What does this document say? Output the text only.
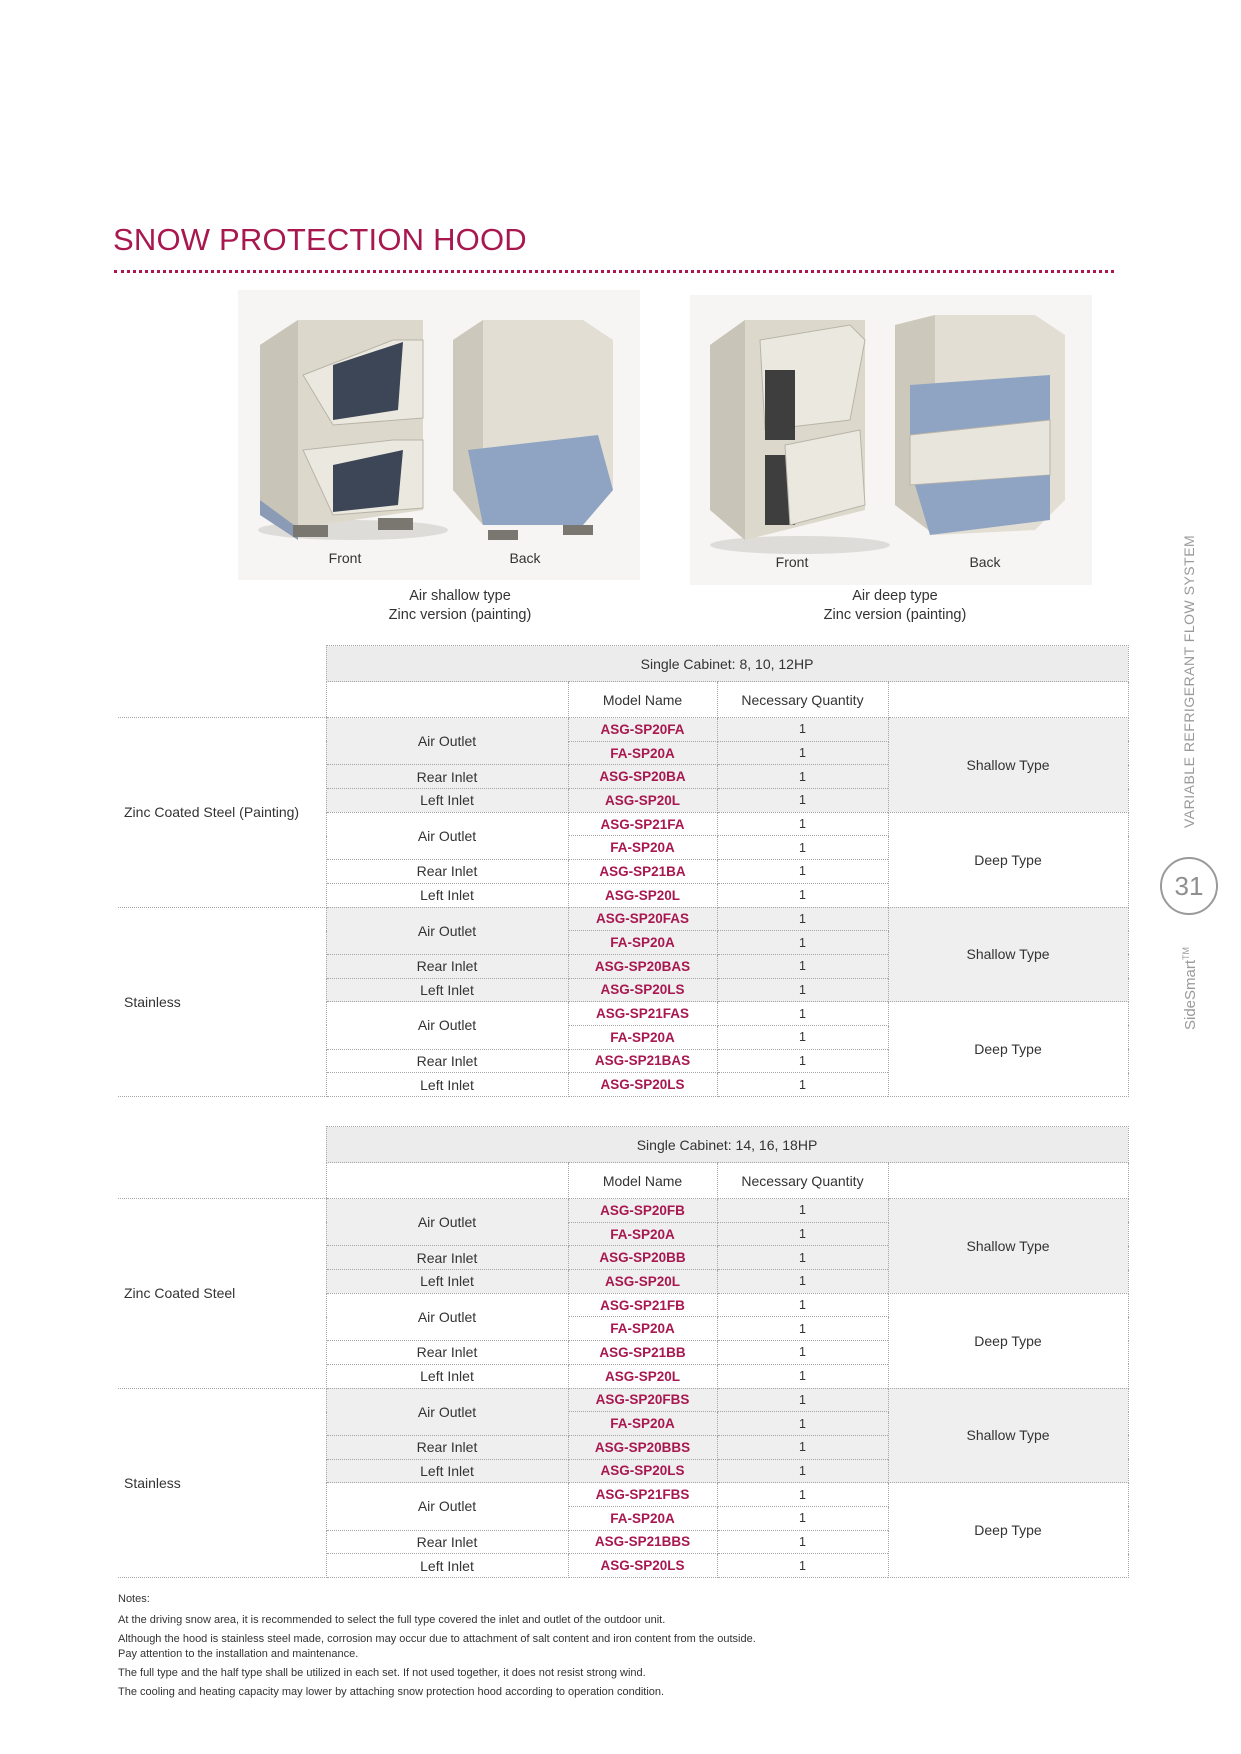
SNOW PROTECTION HOOD
Front	Back
Air shallow type
Zinc version (painting)
Front	Back
Air deep type
Zinc version (painting)
	Single Cabinet: 8, 10, 12HP			
		Model Name	Necessary Quantity	
Zinc Coated Steel (Painting)	Air Outlet	ASG-SP20FA	1	Shallow Type
		FA-SP20A	1	
	Rear Inlet	ASG-SP20BA	1	
	Left Inlet	ASG-SP20L	1	
	Air Outlet	ASG-SP21FA	1	Deep Type
		FA-SP20A	1	
	Rear Inlet	ASG-SP21BA	1	
	Left Inlet	ASG-SP20L	1	
Stainless	Air Outlet	ASG-SP20FAS	1	Shallow Type
		FA-SP20A	1	
	Rear Inlet	ASG-SP20BAS	1	
	Left Inlet	ASG-SP20LS	1	
	Air Outlet	ASG-SP21FAS	1	Deep Type
		FA-SP20A	1	
	Rear Inlet	ASG-SP21BAS	1	
	Left Inlet	ASG-SP20LS	1	
	Single Cabinet: 14, 16, 18HP			
		Model Name	Necessary Quantity	
Zinc Coated Steel	Air Outlet	ASG-SP20FB	1	Shallow Type
		FA-SP20A	1	
	Rear Inlet	ASG-SP20BB	1	
	Left Inlet	ASG-SP20L	1	
	Air Outlet	ASG-SP21FB	1	Deep Type
		FA-SP20A	1	
	Rear Inlet	ASG-SP21BB	1	
	Left Inlet	ASG-SP20L	1	
Stainless	Air Outlet	ASG-SP20FBS	1	Shallow Type
		FA-SP20A	1	
	Rear Inlet	ASG-SP20BBS	1	
	Left Inlet	ASG-SP20LS	1	
	Air Outlet	ASG-SP21FBS	1	Deep Type
		FA-SP20A	1	
	Rear Inlet	ASG-SP21BBS	1	
	Left Inlet	ASG-SP20LS	1	

Notes:

At the driving snow area, it is recommended to select the full type covered the inlet and outlet of the outdoor unit.

Although the hood is stainless steel made, corrosion may occur due to attachment of salt content and iron content from the outside.

Pay attention to the installation and maintenance.

The full type and the half type shall be utilized in each set. If not used together, it does not resist strong wind.

The cooling and heating capacity may lower by attaching snow protection hood according to operation condition.

VARIABLE REFRIGERANT FLOW SYSTEM
31
SideSmart™
